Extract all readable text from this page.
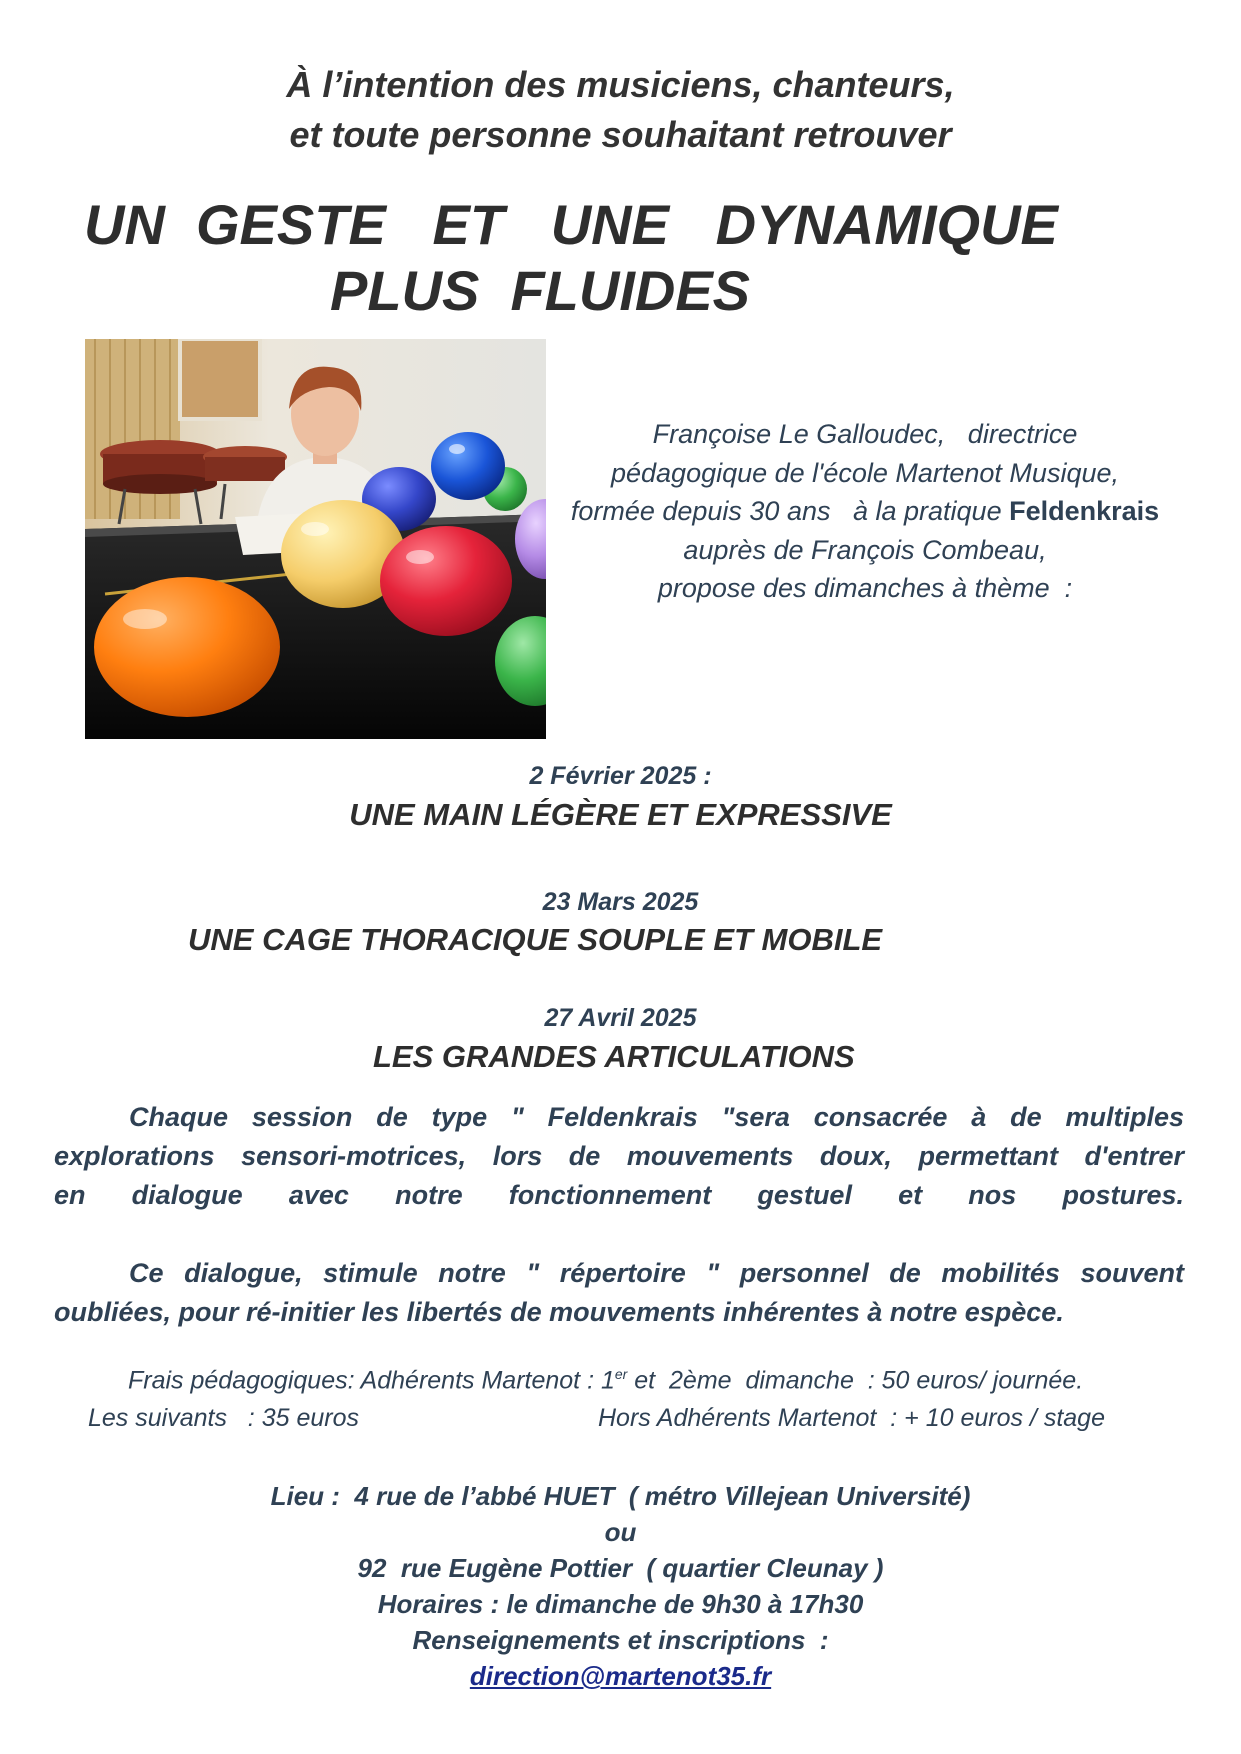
À l’intention des musiciens, chanteurs,
et toute personne souhaitant retrouver
UN  GESTE   ET   UNE   DYNAMIQUE
PLUS  FLUIDES
Françoise Le Galloudec,   directrice
pédagogique de l'école Martenot Musique,
formée depuis 30 ans   à la pratique Feldenkrais
auprès de François Combeau,
propose des dimanches à thème  :
2 Février 2025 :
UNE MAIN LÉGÈRE ET EXPRESSIVE
23 Mars 2025
UNE CAGE THORACIQUE SOUPLE ET MOBILE
27 Avril 2025
LES GRANDES ARTICULATIONS

Chaque session de type " Feldenkrais "sera consacrée à de multiples

explorations sensori-motrices, lors de mouvements doux, permettant d'entrer

en dialogue avec notre fonctionnement gestuel et nos postures.

Ce dialogue, stimule notre " répertoire " personnel de mobilités souvent

oubliées, pour ré-initier les libertés de mouvements inhérentes à notre espèce.

Frais pédagogiques: Adhérents Martenot : 1er et  2ème  dimanche  : 50 euros/ journée.
Les suivants   : 35 euros	Hors Adhérents Martenot  : + 10 euros / stage
Lieu :  4 rue de l’abbé HUET  ( métro Villejean Université)
ou
92  rue Eugène Pottier  ( quartier Cleunay )
Horaires : le dimanche de 9h30 à 17h30
Renseignements et inscriptions  :
direction@martenot35.fr
